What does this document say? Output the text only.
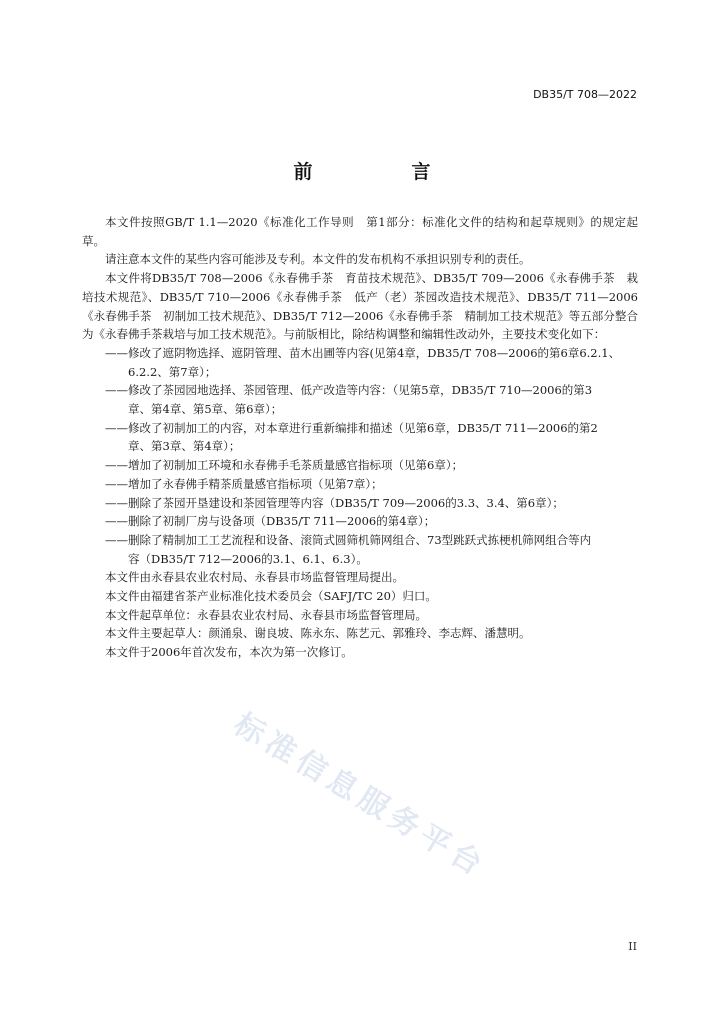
DB35/T 708—2022
前　言

本文件按照GB/T 1.1—2020《标准化工作导则　第1部分：标准化文件的结构和起草规则》的规定起草。

请注意本文件的某些内容可能涉及专利。本文件的发布机构不承担识别专利的责任。

本文件将DB35/T 708—2006《永春佛手茶　育苗技术规范》、DB35/T 709—2006《永春佛手茶　栽培技术规范》、DB35/T 710—2006《永春佛手茶　低产（老）茶园改造技术规范》、DB35/T 711—2006《永春佛手茶　初制加工技术规范》、DB35/T 712—2006《永春佛手茶　精制加工技术规范》等五部分整合为《永春佛手茶栽培与加工技术规范》。与前版相比，除结构调整和编辑性改动外，主要技术变化如下：

——修改了遮阴物选择、遮阴管理、苗木出圃等内容(见第4章，DB35/T 708—2006的第6章6.2.1、
6.2.2、第7章）；
——修改了茶园园地选择、茶园管理、低产改造等内容：（见第5章，DB35/T 710—2006的第3
章、第4章、第5章、第6章）；
——修改了初制加工的内容，对本章进行重新编排和描述（见第6章，DB35/T 711—2006的第2
章、第3章、第4章）；
——增加了初制加工环境和永春佛手毛茶质量感官指标项（见第6章）；
——增加了永春佛手精茶质量感官指标项（见第7章）；
——删除了茶园开垦建设和茶园管理等内容（DB35/T 709—2006的3.3、3.4、第6章）；
——删除了初制厂房与设备项（DB35/T 711—2006的第4章）；
——删除了精制加工工艺流程和设备、滚筒式圆筛机筛网组合、73型跳跃式拣梗机筛网组合等内
容（DB35/T 712—2006的3.1、6.1、6.3）。

本文件由永春县农业农村局、永春县市场监督管理局提出。

本文件由福建省茶产业标准化技术委员会（SAFJ/TC 20）归口。

本文件起草单位：永春县农业农村局、永春县市场监督管理局。

本文件主要起草人：颜涌泉、谢良坡、陈永东、陈艺元、郭雅玲、李志辉、潘慧明。

本文件于2006年首次发布，本次为第一次修订。

标准信息服务平台
II
